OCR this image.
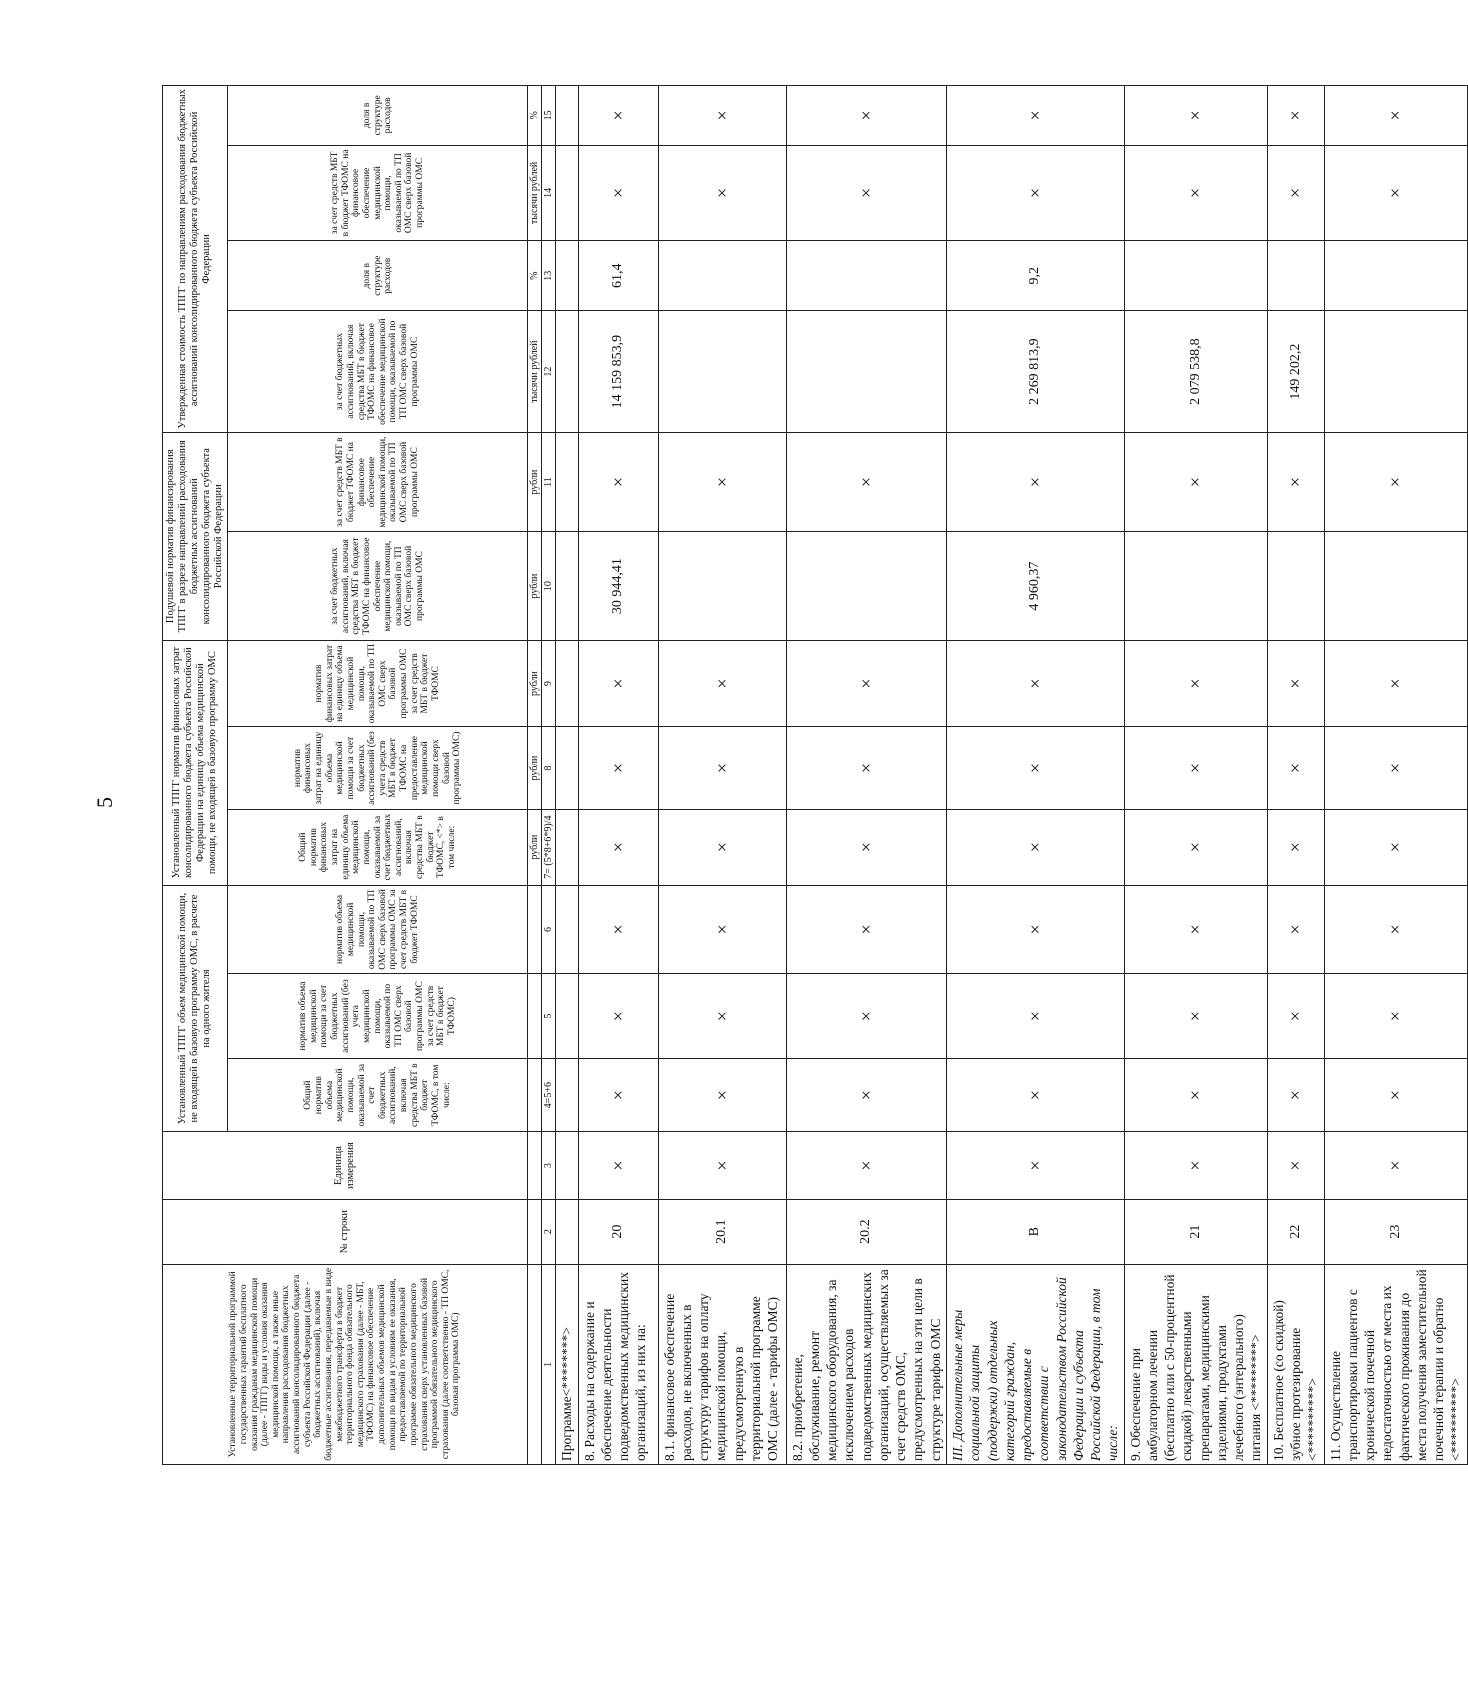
5
Установленные территориальной программой государственных гарантий бесплатного оказания гражданам медицинской помощи (далее - ТПГГ) виды и условия оказания медицинской помощи, а также иные направления расходования бюджетных ассигнований консолидированного бюджета субъекта Российской Федерации (далее - бюджетных ассигнований), включая бюджетные ассигнования, передаваемые в виде межбюджетного трансферта в бюджет территориального фонда обязательного медицинского страхования (далее - МБТ, ТФОМС) на финансовое обеспечение дополнительных объемов медицинской помощи по видам и условиям ее оказания, предоставляемой по территориальной программе обязательного медицинского страхования сверх установленных базовой программой обязательного медицинского страхования (далее соответственно - ТП ОМС, базовая программа ОМС)	№ строки	Единица измерения	Установленный ТПГГ объем медицинской помощи, не входящей в базовую программу ОМС, в расчете на одного жителя			Установленный ТПГГ норматив финансовых затрат консолидированного бюджета субъекта Российской Федерации на единицу объема медицинской помощи, не входящей в базовую программу ОМС			Подушевой норматив финансирования ТПГГ в разрезе направлений расходования бюджетных ассигнований консолидированного бюджета субъекта Российской Федерации		Утвержденная стоимость ТПГГ по направлениям расходования бюджетных ассигнований консолидированного бюджета субъекта Российской Федерации			
			Общий норматив объема медицинской помощи, оказываемой за счет бюджетных ассигнований, включая средства МБТ в бюджет ТФОМС, в том числе:	норматив объема медицинской помощи за счет бюджетных ассигнований (без учета медицинской помощи, оказываемой по ТП ОМС сверх базовой программы ОМС за счет средств МБТ в бюджет ТФОМС)	норматив объема медицинской помощи, оказываемой по ТП ОМС сверх базовой программы ОМС за счет средств МБТ в бюджет ТФОМС	Общий норматив финансовых затрат на единицу объема медицинской помощи, оказываемой за счет бюджетных ассигнований, включая средства МБТ в бюджет ТФОМС, <*> в том числе:	норматив финансовых затрат на единицу объема медицинской помощи за счет бюджетных ассигнований (без учета средств МБТ в бюджет ТФОМС на предоставление медицинской помощи сверх базовой программы ОМС)	норматив финансовых затрат на единицу объема медицинской помощи, оказываемой по ТП ОМС сверх базовой программы ОМС за счет средств МБТ в бюджет ТФОМС	за счет бюджетных ассигнований, включая средства МБТ в бюджет ТФОМС на финансовое обеспечение медицинской помощи, оказываемой по ТП ОМС сверх базовой программы ОМС	за счет средств МБТ в бюджет ТФОМС на финансовое обеспечение медицинской помощи, оказываемой по ТП ОМС сверх базовой программы ОМС	за счет бюджетных ассигнований, включая средства МБТ в бюджет ТФОМС на финансовое обеспечение медицинской помощи, оказываемой по ТП ОМС сверх базовой программы ОМС	доля в структуре расходов	за счет средств МБТ в бюджет ТФОМС на финансовое обеспечение медицинской помощи, оказываемой по ТП ОМС сверх базовой программы ОМС	доля в структуре расходов
						рубли	рубли	рубли	рубли	рубли	тысячи рублей	%	тысячи рублей	%
1	2	3	4=5+6	5	6	7= (5*8+6*9)/4	8	9	10	11	12	13	14	15
Программе<********>														
8. Расходы на содержание и обеспечение деятельности подведомственных медицинских организаций, из них на:	20	×	×	×	×	×	×	×	30 944,41	×	14 159 853,9	61,4	×	×
8.1. финансовое обеспечение расходов, не включенных в структуру тарифов на оплату медицинской помощи, предусмотренную в территориальной программе ОМС (далее - тарифы ОМС)	20.1	×	×	×	×	×	×	×		×			×	×
8.2. приобретение, обслуживание, ремонт медицинского оборудования, за исключением расходов подведомственных медицинских организаций, осуществляемых за счет средств ОМС, предусмотренных на эти цели в структуре тарифов ОМС	20.2	×	×	×	×	×	×	×		×			×	×
III. Дополнительные меры социальной защиты (поддержки) отдельных категорий граждан, предоставляемые в соответствии с законодательством Российской Федерации и субъекта Российской Федерации, в том числе:	В	×	×	×	×	×	×	×	4 960,37	×	2 269 813,9	9,2	×	×
9. Обеспечение при амбулаторном лечении (бесплатно или с 50-процентной скидкой) лекарственными препаратами, медицинскими изделиями, продуктами лечебного (энтерального) питания <*********>	21	×	×	×	×	×	×	×		×	2 079 538,8		×	×
10. Бесплатное (со скидкой) зубное протезирование <**********>	22	×	×	×	×	×	×	×		×	149 202,2		×	×
11. Осуществление транспортировки пациентов с хронической почечной недостаточностью от места их фактического проживания до места получения заместительной почечной терапии и обратно <**********>	23	×	×	×	×	×	×	×		×			×	×
